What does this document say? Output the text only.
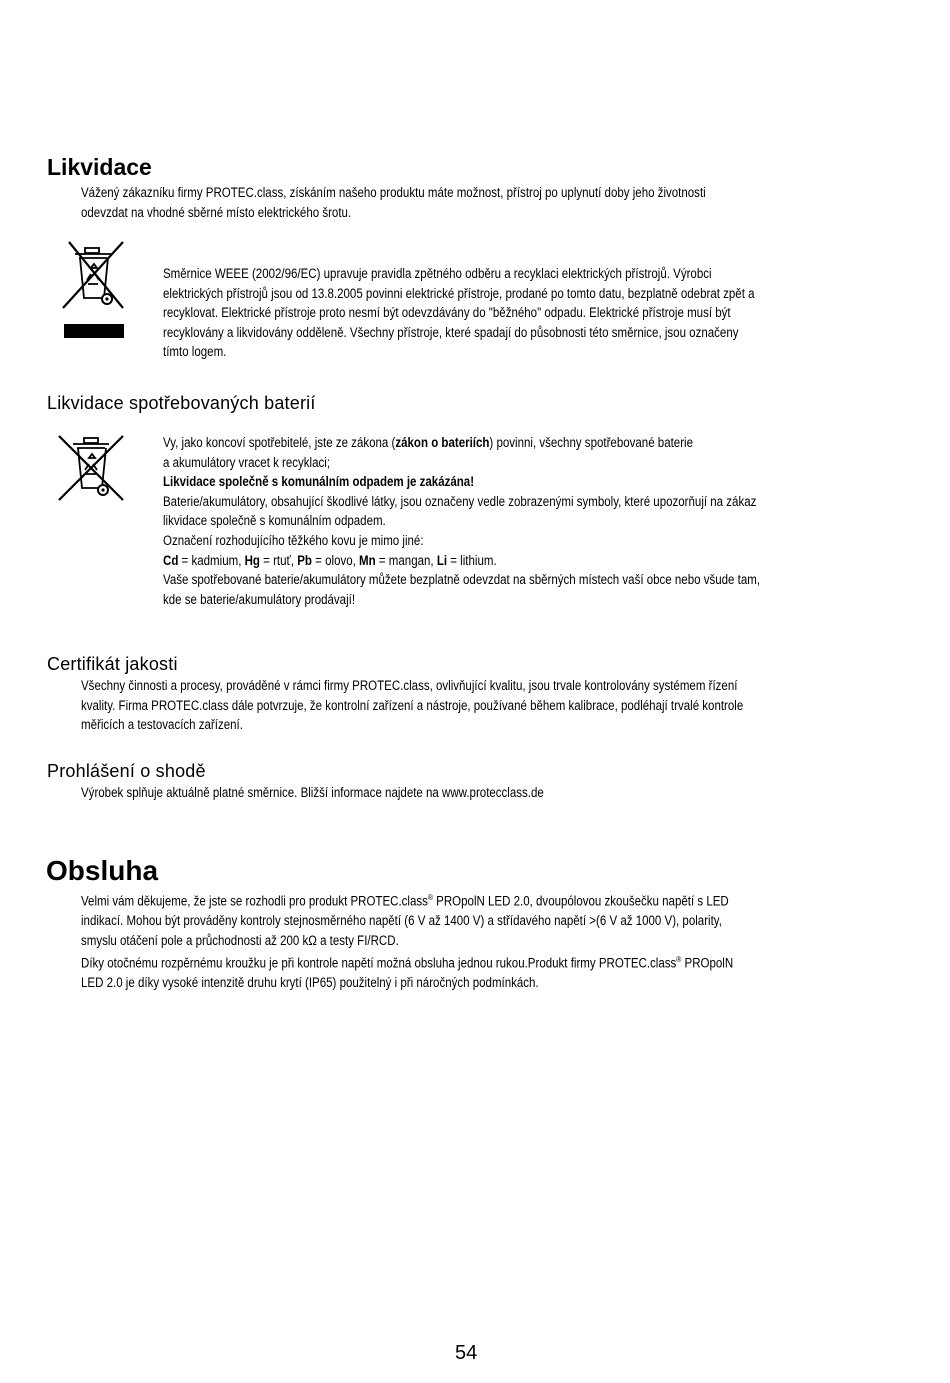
Likvidace
Vážený zákazníku firmy PROTEC.class, získáním našeho produktu máte možnost, přístroj po uplynutí doby jeho životnosti
odevzdat na vhodné sběrné místo elektrického šrotu.
Směrnice WEEE (2002/96/EC) upravuje pravidla zpětného odběru a recyklaci elektrických přístrojů. Výrobci
elektrických přístrojů jsou od 13.8.2005 povinni elektrické přístroje, prodané po tomto datu, bezplatně odebrat zpět a
recyklovat. Elektrické přístroje proto nesmí být odevzdávány do "běžného" odpadu. Elektrické přístroje musí být
recyklovány a likvidovány odděleně. Všechny přístroje, které spadají do působnosti této směrnice, jsou označeny
tímto logem.
Likvidace spotřebovaných baterií
Vy, jako koncoví spotřebitelé, jste ze zákona (zákon o bateriích) povinni, všechny spotřebované baterie
a akumulátory vracet k recyklaci;
Likvidace společně s komunálním odpadem je zakázána!
Baterie/akumulátory, obsahující škodlivé látky, jsou označeny vedle zobrazenými symboly, které upozorňují na zákaz
likvidace společně s komunálním odpadem.
Označení rozhodujícího těžkého kovu je mimo jiné:
Cd = kadmium, Hg = rtuť, Pb = olovo, Mn = mangan, Li = lithium.
Vaše spotřebované baterie/akumulátory můžete bezplatně odevzdat na sběrných místech vaší obce nebo všude tam,
kde se baterie/akumulátory prodávají!
Certifikát jakosti
Všechny činnosti a procesy, prováděné v rámci firmy PROTEC.class, ovlivňující kvalitu, jsou trvale kontrolovány systémem řízení
kvality. Firma PROTEC.class dále potvrzuje, že kontrolní zařízení a nástroje, používané během kalibrace, podléhají trvalé kontrole
měřicích a testovacích zařízení.
Prohlášení o shodě
Výrobek splňuje aktuálně platné směrnice. Bližší informace najdete na www.protecclass.de
Obsluha
Velmi vám děkujeme, že jste se rozhodli pro produkt PROTEC.class® PROpolN LED 2.0, dvoupólovou zkoušečku napětí s LED
indikací. Mohou být prováděny kontroly stejnosměrného napětí (6 V až 1400 V) a střídavého napětí >(6 V až 1000 V), polarity,
smyslu otáčení pole a průchodnosti až 200 kΩ a testy FI/RCD.
Díky otočnému rozpěrnému kroužku je při kontrole napětí možná obsluha jednou rukou.Produkt firmy PROTEC.class® PROpolN
LED 2.0 je díky vysoké intenzitě druhu krytí (IP65) použitelný i při náročných podmínkách.
54
